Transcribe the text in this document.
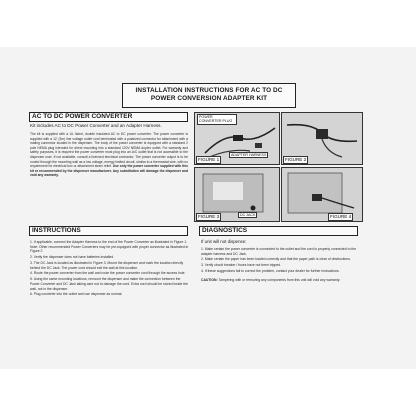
INSTALLATION INSTRUCTIONS FOR AC TO DC
POWER CONVERSION ADAPTER KIT
AC TO DC POWER CONVERTER
Kit includes AC to DC Power Converter and an Adapter Harness.
The kit is supplied with a UL listed, double insulated AC to DC power converter. The power converter is supplied with a 12' (3m) line voltage outlet cord terminated with a polarized connector for attachment with a mating connector located in the dispenser. The body of the power converter is equipped with a standard 2 pole NEMA plug intended for direct mounting into a standard 120V NEMA duplex outlet. For warranty and safety purposes, it is required the power converter must plug into an A/C outlet that is not accessible to the dispenser user. If not available, consult a licensed electrical contractor. The power converter output is to be routed through the mounting wall as a low voltage, energy limited circuit, similar to a thermostat wire, with no requirement for electrical box or attachment strain relief. Use only the power converter supplied with this kit or recommended by the dispenser manufacturer. Any substitution will damage the dispenser and void any warranty.
POWER CONVERTER PLUG
ADAPTER HARNESS
FIGURE 1	FIGURE 2
DC JACK
FIGURE 3	FIGURE 4
INSTRUCTIONS
1. If applicable, connect the Adapter Harness to the end of the Power Converter as illustrated in Figure 1. Note: Other recommended Power Converters may be pre-equipped with proper connector as illustrated in Figure 2.
2. Verify the dispenser does not have batteries installed.
3. The DC Jack is located as illustrated in Figure 3. Mount the dispenser and mark the location directly behind the DC Jack. The power cord should exit the wall at this location.
4. Route the power converter from the wall and route the power converter cord through the access hole.
5. Using the same mounting locations, remount the dispenser and make the connection between the Power Converter and DC Jack taking care not to damage the cord. Extra cord should be stored inside the wall, not in the dispenser.
6. Plug converter into the outlet and use dispenser as normal.
DIAGNOSTICS
If unit will not dispense:
1. Make certain the power converter is connected to the outlet and the cord is properly connected to the adapter harness and DC Jack.
2. Make certain the paper has been loaded correctly and that the paper path is clear of obstructions.
3. Verify circuit breaker / fuses have not been tripped.
4. If these suggestions fail to correct the problem, contact your dealer for further instructions.
CAUTION: Tampering with or removing any components from this unit will void any warranty.
